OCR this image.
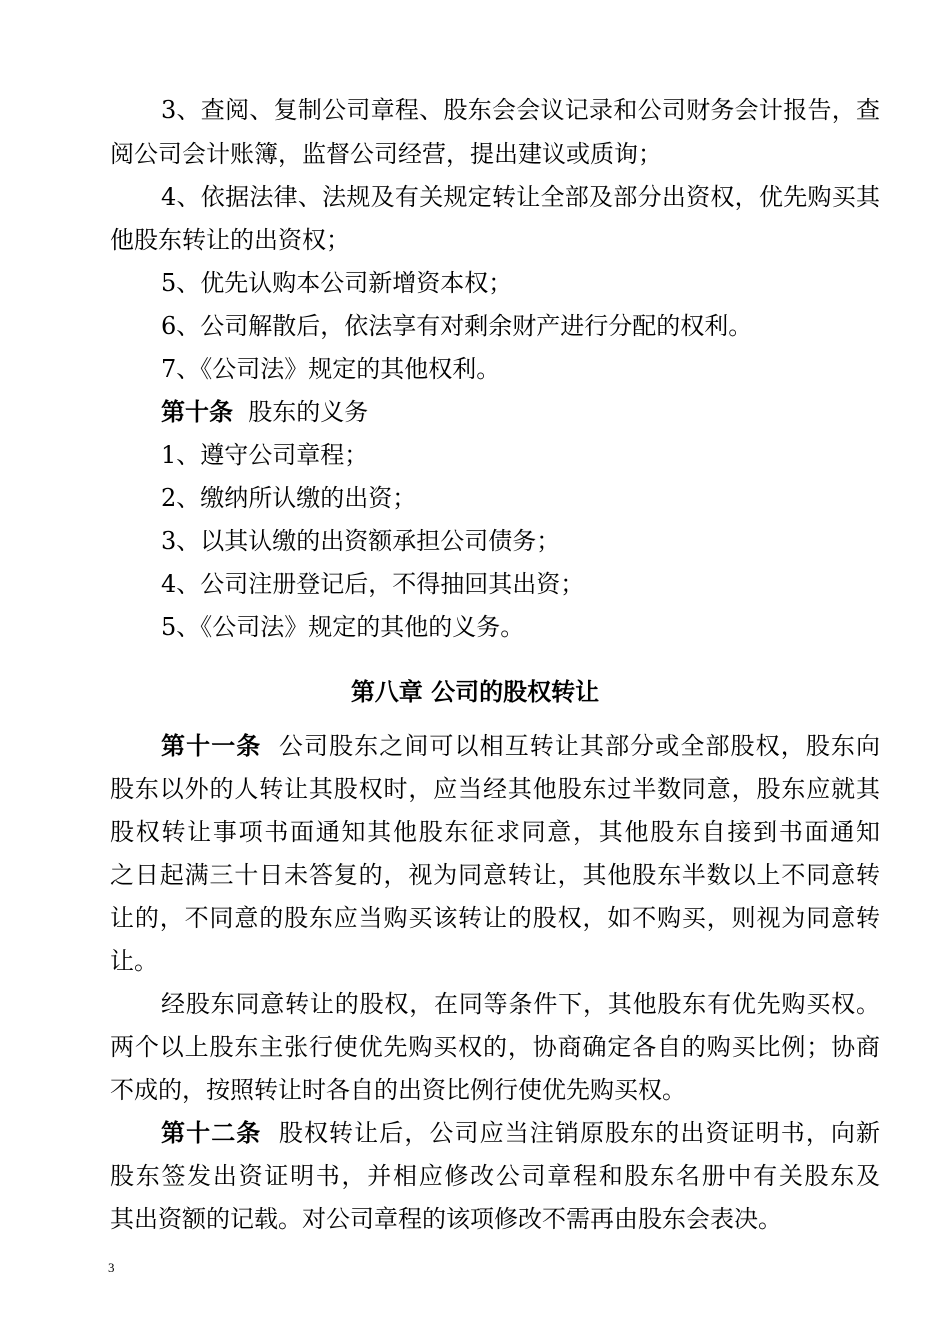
3、查阅、复制公司章程、股东会会议记录和公司财务会计报告，查
阅公司会计账簿，监督公司经营，提出建议或质询；
4、依据法律、法规及有关规定转让全部及部分出资权，优先购买其
他股东转让的出资权；
5、优先认购本公司新增资本权；
6、公司解散后，依法享有对剩余财产进行分配的权利。
7、《公司法》规定的其他权利。
第十条 股东的义务
1、遵守公司章程；
2、缴纳所认缴的出资；
3、以其认缴的出资额承担公司债务；
4、公司注册登记后，不得抽回其出资；
5、《公司法》规定的其他的义务。
第八章 公司的股权转让
第十一条 公司股东之间可以相互转让其部分或全部股权，股东向
股东以外的人转让其股权时，应当经其他股东过半数同意，股东应就其
股权转让事项书面通知其他股东征求同意，其他股东自接到书面通知
之日起满三十日未答复的，视为同意转让，其他股东半数以上不同意转
让的，不同意的股东应当购买该转让的股权，如不购买，则视为同意转
让。
经股东同意转让的股权，在同等条件下，其他股东有优先购买权。
两个以上股东主张行使优先购买权的，协商确定各自的购买比例；协商
不成的，按照转让时各自的出资比例行使优先购买权。
第十二条 股权转让后，公司应当注销原股东的出资证明书，向新
股东签发出资证明书，并相应修改公司章程和股东名册中有关股东及
其出资额的记载。对公司章程的该项修改不需再由股东会表决。
3
